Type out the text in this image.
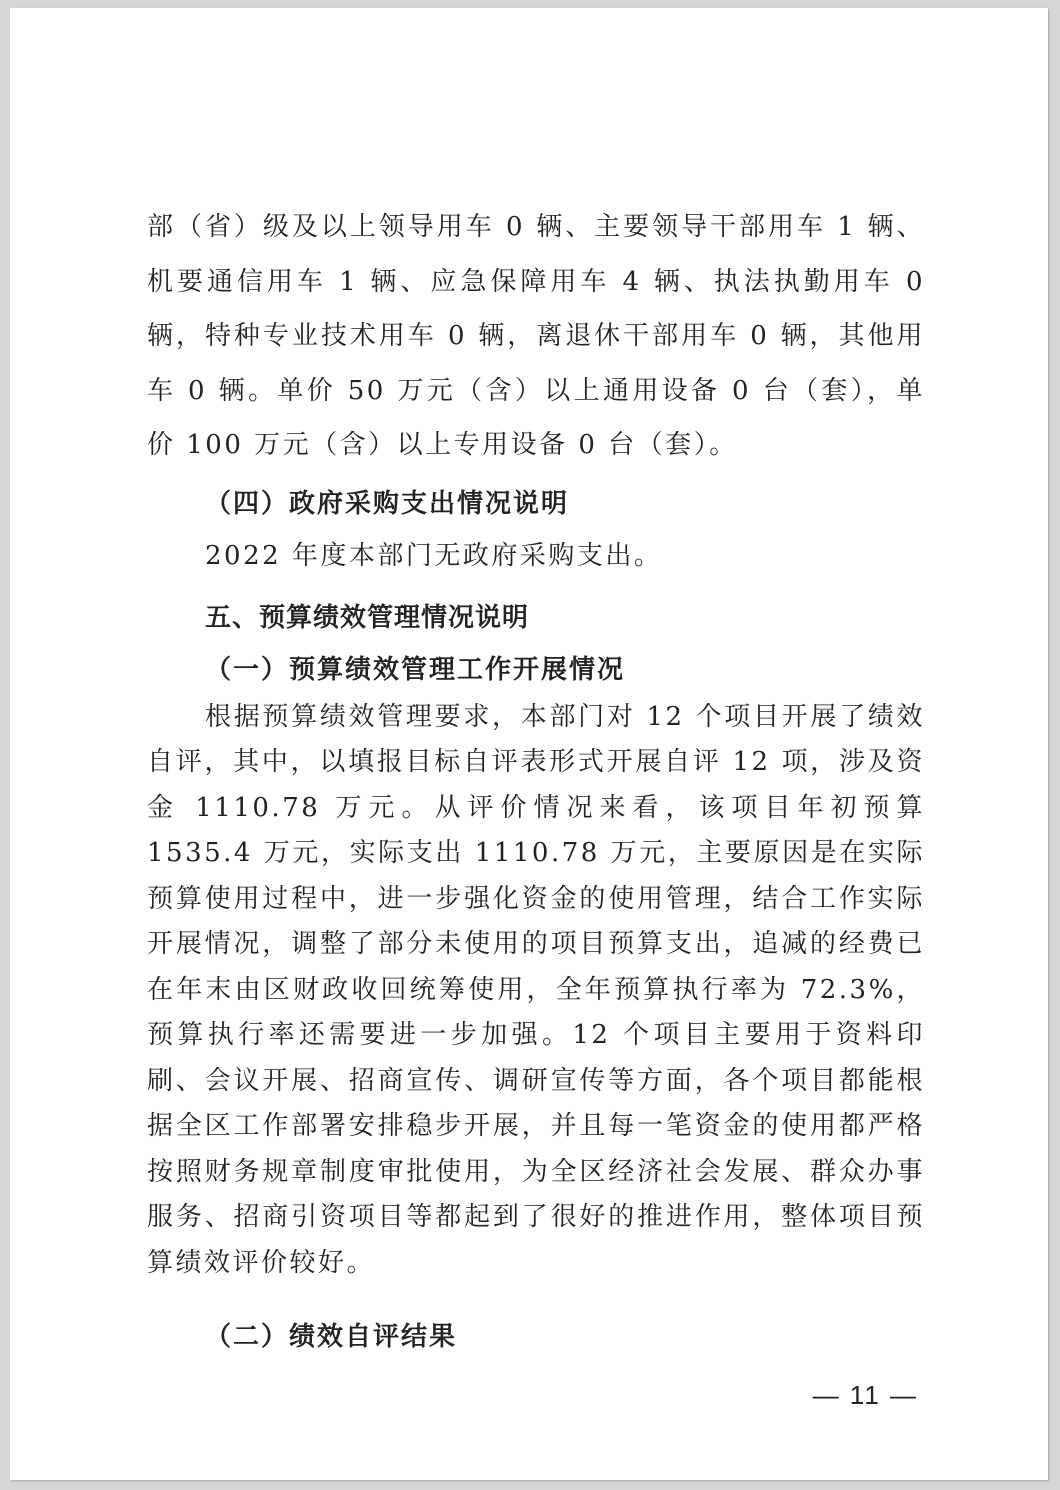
部（省）级及以上领导用车 0 辆、主要领导干部用车 1 辆、机要通信用车 1 辆、应急保障用车 4 辆、执法执勤用车 0 辆，特种专业技术用车 0 辆，离退休干部用车 0 辆，其他用车 0 辆。单价 50 万元（含）以上通用设备 0 台（套），单价 100 万元（含）以上专用设备 0 台（套）。

（四）政府采购支出情况说明

2022 年度本部门无政府采购支出。

五、预算绩效管理情况说明

（一）预算绩效管理工作开展情况

根据预算绩效管理要求，本部门对 12 个项目开展了绩效自评，其中，以填报目标自评表形式开展自评 12 项，涉及资金 1110.78 万元。从评价情况来看，该项目年初预算 1535.4 万元，实际支出 1110.78 万元，主要原因是在实际预算使用过程中，进一步强化资金的使用管理，结合工作实际开展情况，调整了部分未使用的项目预算支出，追减的经费已在年末由区财政收回统筹使用，全年预算执行率为 72.3%，预算执行率还需要进一步加强。12 个项目主要用于资料印刷、会议开展、招商宣传、调研宣传等方面，各个项目都能根据全区工作部署安排稳步开展，并且每一笔资金的使用都严格按照财务规章制度审批使用，为全区经济社会发展、群众办事服务、招商引资项目等都起到了很好的推进作用，整体项目预算绩效评价较好。

（二）绩效自评结果

— 11 —
